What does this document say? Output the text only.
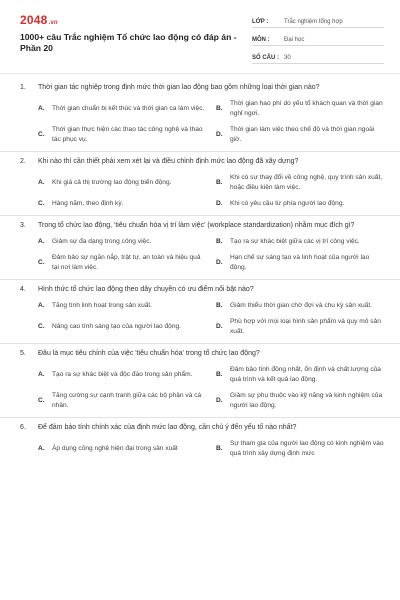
2048.vn
1000+ câu Trắc nghiệm Tổ chức lao động có đáp án - Phần 20
LỚP :	Trắc nghiệm tổng hợp
MÔN :	Đại học
SỐ CÂU : 30
1.	Thời gian tác nghiệp trong định mức thời gian lao động bao gồm những loại thời gian nào?
A.	Thời gian chuẩn bị kết thúc và thời gian ca làm việc. B.
Thời gian hao phí do yếu tố khách quan và thời gian nghỉ ngơi.
C.
Thời gian thực hiện các thao tác công nghệ và thao tác phục vụ.
D.
Thời gian làm việc theo chế độ và thời gian ngoài giờ.
2.	Khi nào thì cần thiết phải xem xét lại và điều chỉnh định mức lao động đã xây dựng?
A.	Khi giá cả thị trường lao động biến động.	B.
Khi có sự thay đổi về công nghệ, quy trình sản xuất, hoặc điều kiện làm việc.
C.	Hàng năm, theo định kỳ.	D.	Khi có yêu cầu từ phía người lao động.
3.	Trong tổ chức lao động, 'tiêu chuẩn hóa vị trí làm việc' (workplace standardization) nhằm mục đích gì?
A.	Giảm sự đa dạng trong công việc.	B.	Tạo ra sự khác biệt giữa các vị trí công việc.
C.
Đảm bảo sự ngăn nắp, trật tự, an toàn và hiệu quả tại nơi làm việc.
D.
Hạn chế sự sáng tạo và linh hoạt của người lao động.
4.	Hình thức tổ chức lao động theo dây chuyền có ưu điểm nổi bật nào?
A.	Tăng tính linh hoạt trong sản xuất.	B.	Giảm thiểu thời gian chờ đợi và chu kỳ sản xuất.
C.	Nâng cao tính sáng tạo của người lao động.	D.
Phù hợp với mọi loại hình sản phẩm và quy mô sản xuất.
5.	Đâu là mục tiêu chính của việc 'tiêu chuẩn hóa' trong tổ chức lao động?
A.	Tạo ra sự khác biệt và độc đáo trong sản phẩm.	B.
Đảm bảo tính đồng nhất, ổn định và chất lượng của quá trình và kết quả lao động.
C.
Tăng cường sự cạnh tranh giữa các bộ phận và cá nhân.
D.
Giảm sự phụ thuộc vào kỹ năng và kinh nghiệm của người lao động.
6.	Để đảm bảo tính chính xác của định mức lao động, cần chú ý đến yếu tố nào nhất?
A.	Áp dụng công nghệ hiện đại trong sản xuất	B.
Sự tham gia của người lao động có kinh nghiệm vào quá trình xây dựng định mức
